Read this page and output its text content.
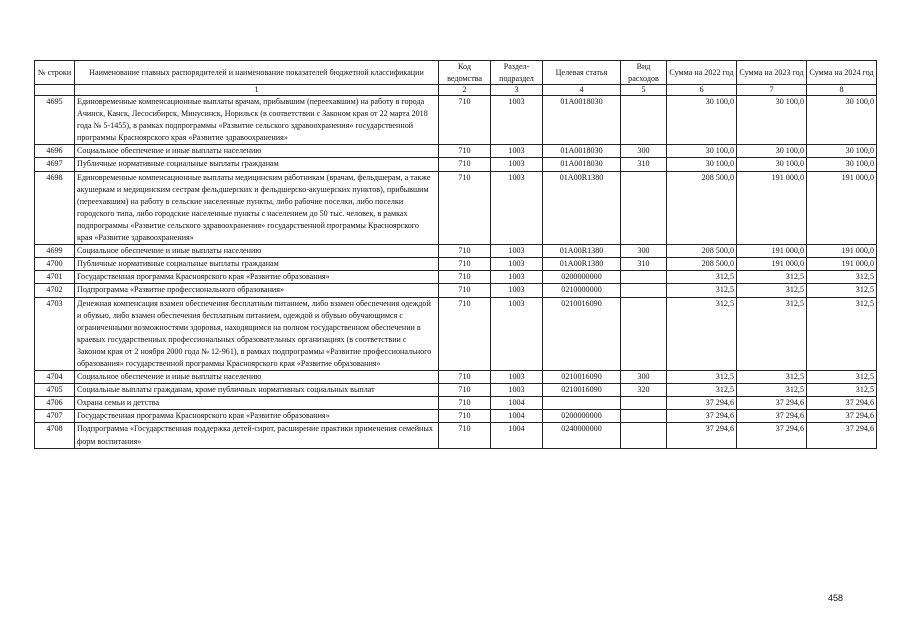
№ строки	Наименование главных распорядителей и наименование показателей бюджетной классификации	Код ведомства	Раздел-подраздел	Целевая статья	Вид расходов	Сумма на 2022 год	Сумма на 2023 год	Сумма на 2024 год
	1	2	3	4	5	6	7	8
4695	Единовременные компенсационные выплаты врачам, прибывшим (переехавшим) на работу в города Ачинск, Канск, Лесосибирск, Минусинск, Норильск (в соответствии с Законом края от 22 марта 2018 года № 5-1455), в рамках подпрограммы «Развитие сельского здравоохранения» государственной программы Красноярского края «Развитие здравоохранения»	710	1003	01А0018030		30 100,0	30 100,0	30 100,0
4696	Социальное обеспечение и иные выплаты населению	710	1003	01А0018030	300	30 100,0	30 100,0	30 100,0
4697	Публичные нормативные социальные выплаты гражданам	710	1003	01А0018030	310	30 100,0	30 100,0	30 100,0
4698	Единовременные компенсационные выплаты медицинским работникам (врачам, фельдшерам, а также акушеркам и медицинским сестрам фельдшерских и фельдшерско-акушерских пунктов), прибывшим (переехавшим) на работу в сельские населенные пункты, либо рабочие поселки, либо поселки городского типа, либо городские населенные пункты с населением до 50 тыс. человек, в рамках подпрограммы «Развитие сельского здравоохранения» государственной программы Красноярского края «Развитие здравоохранения»	710	1003	01А00R1380		208 500,0	191 000,0	191 000,0
4699	Социальное обеспечение и иные выплаты населению	710	1003	01А00R1380	300	208 500,0	191 000,0	191 000,0
4700	Публичные нормативные социальные выплаты гражданам	710	1003	01А00R1380	310	208 500,0	191 000,0	191 000,0
4701	Государственная программа Красноярского края «Развитие образования»	710	1003	0200000000		312,5	312,5	312,5
4702	Подпрограмма «Развитие профессионального образования»	710	1003	0210000000		312,5	312,5	312,5
4703	Денежная компенсация взамен обеспечения бесплатным питанием, либо взамен обеспечения одеждой и обувью, либо взамен обеспечения бесплатным питанием, одеждой и обувью обучающимся с ограниченными возможностями здоровья, находящимся на полном государственном обеспечении в краевых государственных профессиональных образовательных организациях (в соответствии с Законом края от 2 ноября 2000 года № 12-961), в рамках подпрограммы «Развитие профессионального образования» государственной программы Красноярского края «Развитие образования»	710	1003	0210016090		312,5	312,5	312,5
4704	Социальное обеспечение и иные выплаты населению	710	1003	0210016090	300	312,5	312,5	312,5
4705	Социальные выплаты гражданам, кроме публичных нормативных социальных выплат	710	1003	0210016090	320	312,5	312,5	312,5
4706	Охрана семьи и детства	710	1004			37 294,6	37 294,6	37 294,6
4707	Государственная программа Красноярского края «Развитие образования»	710	1004	0200000000		37 294,6	37 294,6	37 294,6
4708	Подпрограмма «Государственная поддержка детей-сирот, расширение практики применения семейных форм воспитания»	710	1004	0240000000		37 294,6	37 294,6	37 294,6
458
